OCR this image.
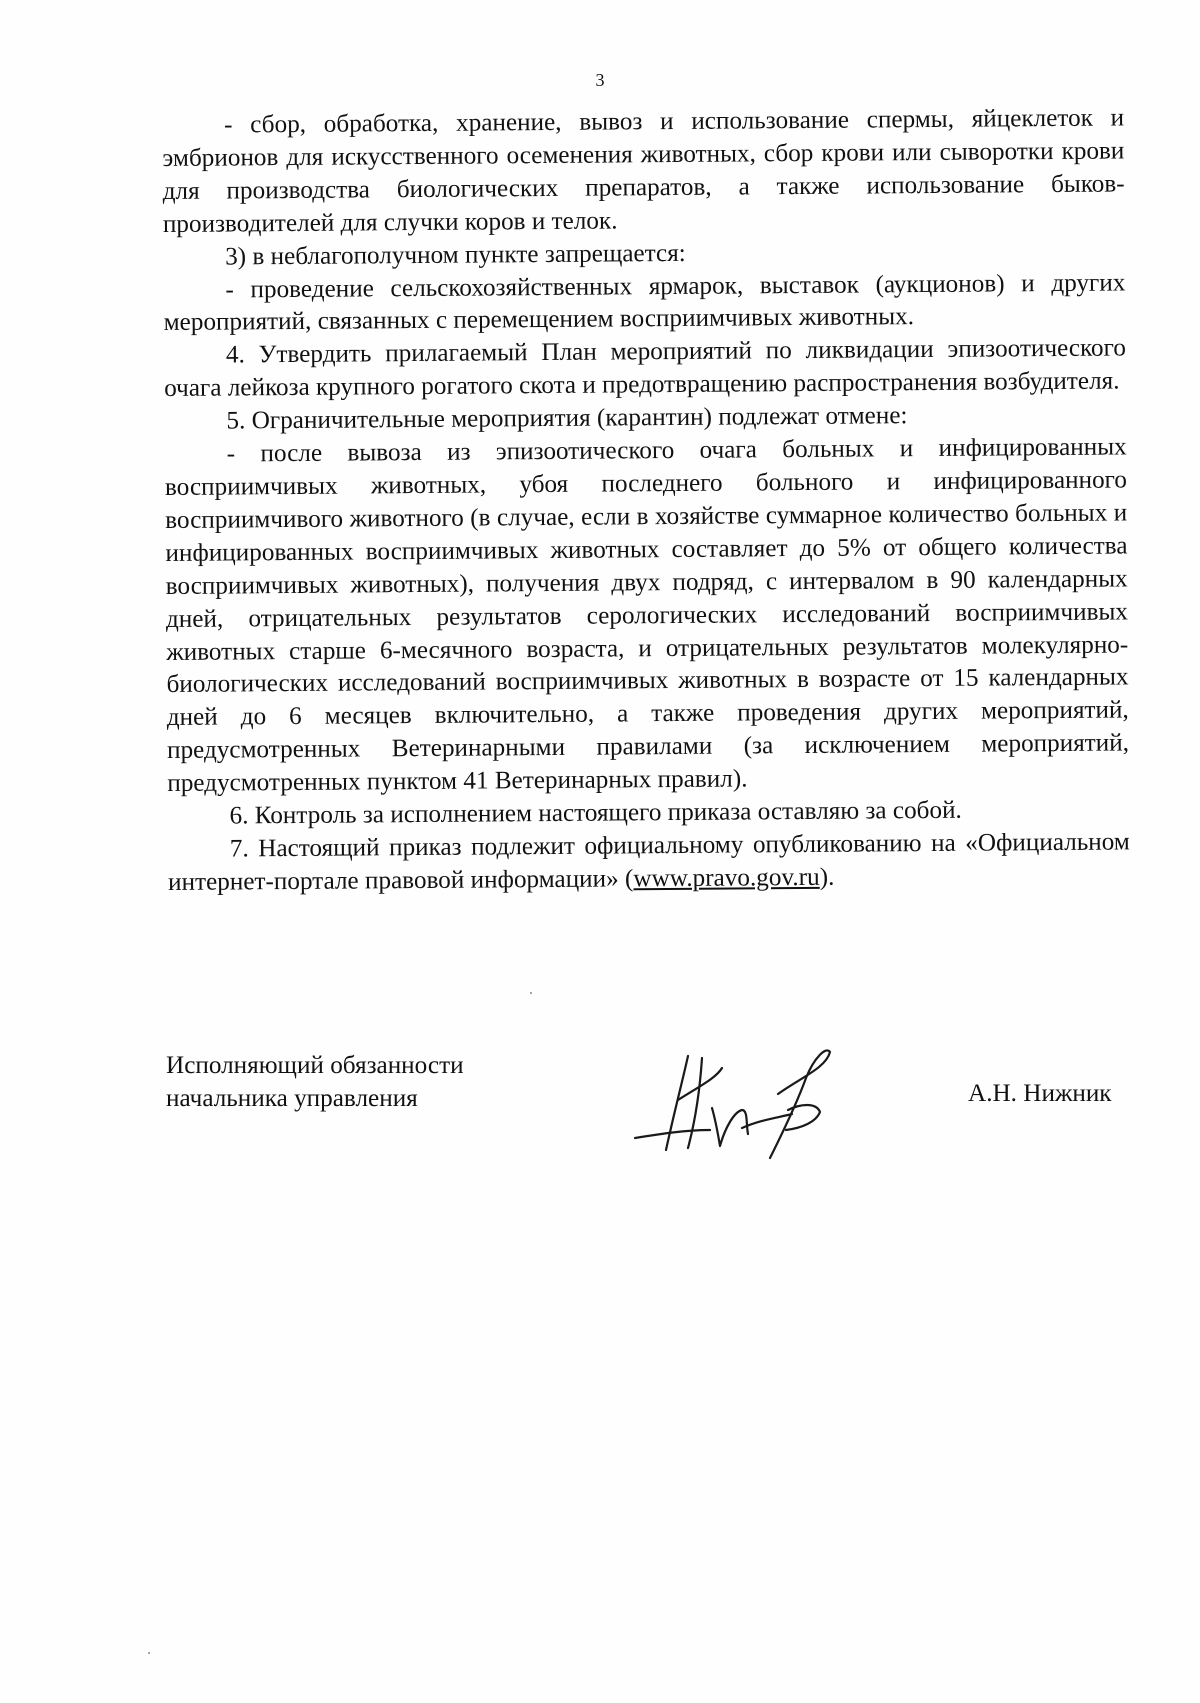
3

- сбор, обработка, хранение, вывоз и использование спермы, яйцеклеток и эмбрионов для искусственного осеменения животных, сбор крови или сыворотки крови для производства биологических препаратов, а также использование быков-производителей для случки коров и телок.

3) в неблагополучном пункте запрещается:

- проведение сельскохозяйственных ярмарок, выставок (аукционов) и других мероприятий, связанных с перемещением восприимчивых животных.

4. Утвердить прилагаемый План мероприятий по ликвидации эпизоотического очага лейкоза крупного рогатого скота и предотвращению распространения возбудителя.

5. Ограничительные мероприятия (карантин) подлежат отмене:

- после вывоза из эпизоотического очага больных и инфицированных восприимчивых животных, убоя последнего больного и инфицированного восприимчивого животного (в случае, если в хозяйстве суммарное количество больных и инфицированных восприимчивых животных составляет до 5% от общего количества восприимчивых животных), получения двух подряд, с интервалом в 90 календарных дней, отрицательных результатов серологических исследований восприимчивых животных старше 6-месячного возраста, и отрицательных результатов молекулярно-биологических исследований восприимчивых животных в возрасте от 15 календарных дней до 6 месяцев включительно, а также проведения других мероприятий, предусмотренных Ветеринарными правилами (за исключением мероприятий, предусмотренных пунктом 41 Ветеринарных правил).

6. Контроль за исполнением настоящего приказа оставляю за собой.

7. Настоящий приказ подлежит официальному опубликованию на «Официальном интернет-портале правовой информации» (www.pravo.gov.ru).

Исполняющий обязанности
начальника управления	А.Н. Нижник
